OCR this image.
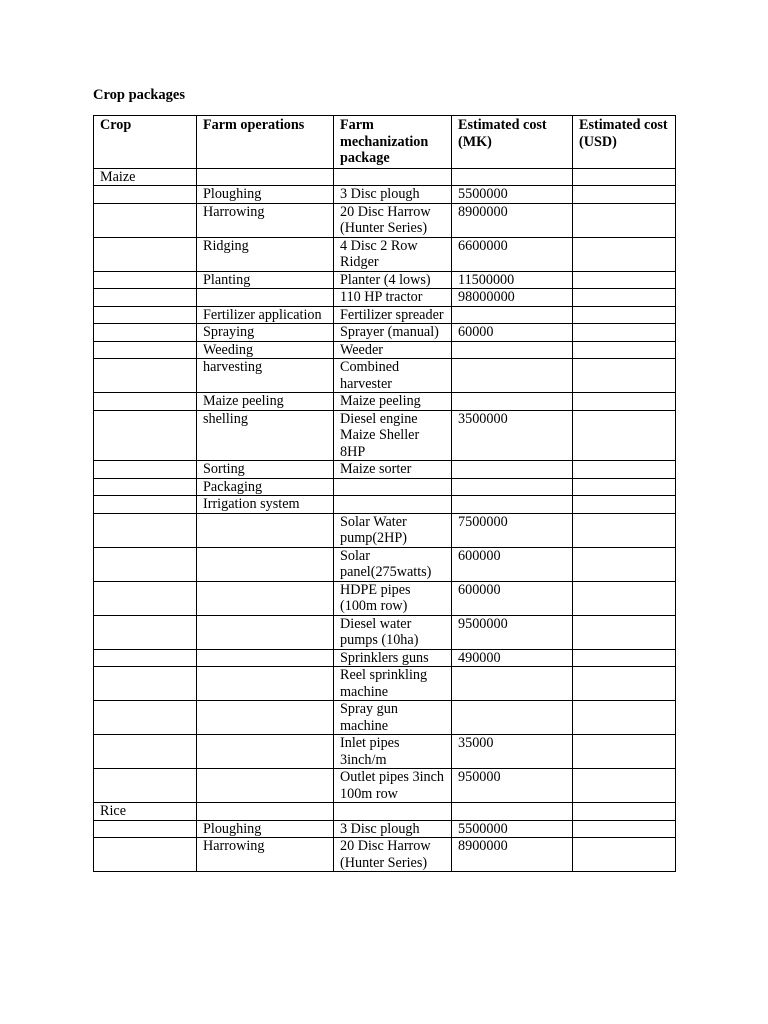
Crop packages
Crop	Farm operations	Farm mechanization package	Estimated cost (MK)	Estimated cost (USD)
Maize				
	Ploughing	3 Disc plough	5500000	
	Harrowing	20 Disc Harrow (Hunter Series)	8900000	
	Ridging	4 Disc 2 Row Ridger	6600000	
	Planting	Planter (4 lows)	11500000	
		110 HP tractor	98000000	
	Fertilizer application	Fertilizer spreader		
	Spraying	Sprayer (manual)	60000	
	Weeding	Weeder		
	harvesting	Combined harvester		
	Maize peeling	Maize peeling		
	shelling	Diesel engine Maize Sheller 8HP	3500000	
	Sorting	Maize sorter		
	Packaging			
	Irrigation system			
		Solar Water pump(2HP)	7500000	
		Solar panel(275watts)	600000	
		HDPE pipes (100m row)	600000	
		Diesel water pumps (10ha)	9500000	
		Sprinklers guns	490000	
		Reel sprinkling machine		
		Spray gun machine		
		Inlet pipes 3inch/m	35000	
		Outlet pipes 3inch 100m row	950000	
Rice				
	Ploughing	3 Disc plough	5500000	
	Harrowing	20 Disc Harrow (Hunter Series)	8900000	
